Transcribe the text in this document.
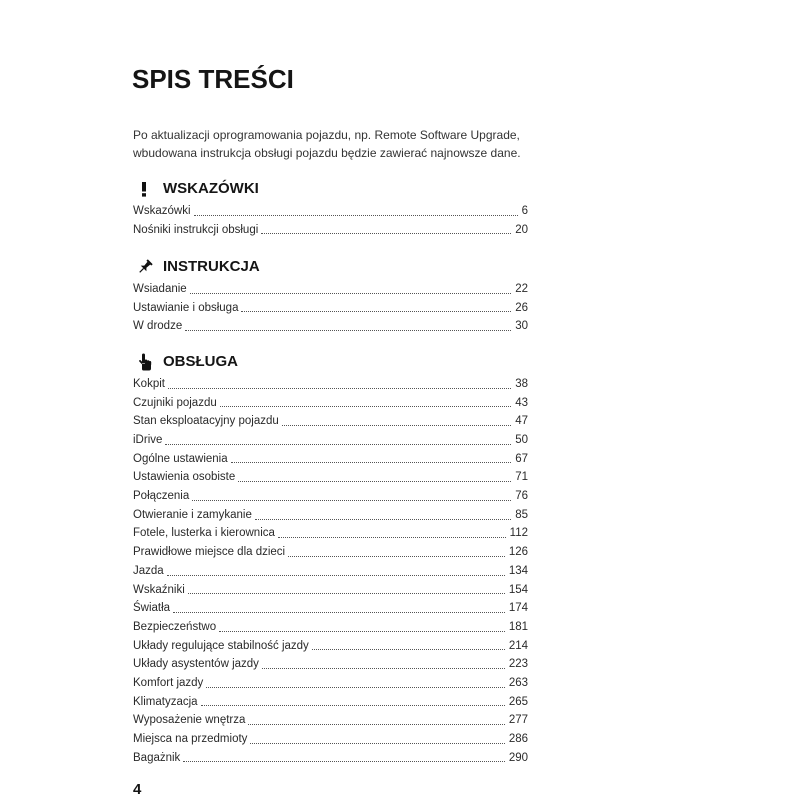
SPIS TREŚCI
Po aktualizacji oprogramowania pojazdu, np. Remote Software Upgrade,
wbudowana instrukcja obsługi pojazdu będzie zawierać najnowsze dane.
WSKAZÓWKI
Wskazówki	6
Nośniki instrukcji obsługi	20
INSTRUKCJA
Wsiadanie	22
Ustawianie i obsługa	26
W drodze	30
OBSŁUGA
Kokpit	38
Czujniki pojazdu	43
Stan eksploatacyjny pojazdu	47
iDrive	50
Ogólne ustawienia	67
Ustawienia osobiste	71
Połączenia	76
Otwieranie i zamykanie	85
Fotele, lusterka i kierownica	112
Prawidłowe miejsce dla dzieci	126
Jazda	134
Wskaźniki	154
Światła	174
Bezpieczeństwo	181
Układy regulujące stabilność jazdy	214
Układy asystentów jazdy	223
Komfort jazdy	263
Klimatyzacja	265
Wyposażenie wnętrza	277
Miejsca na przedmioty	286
Bagażnik	290
4
